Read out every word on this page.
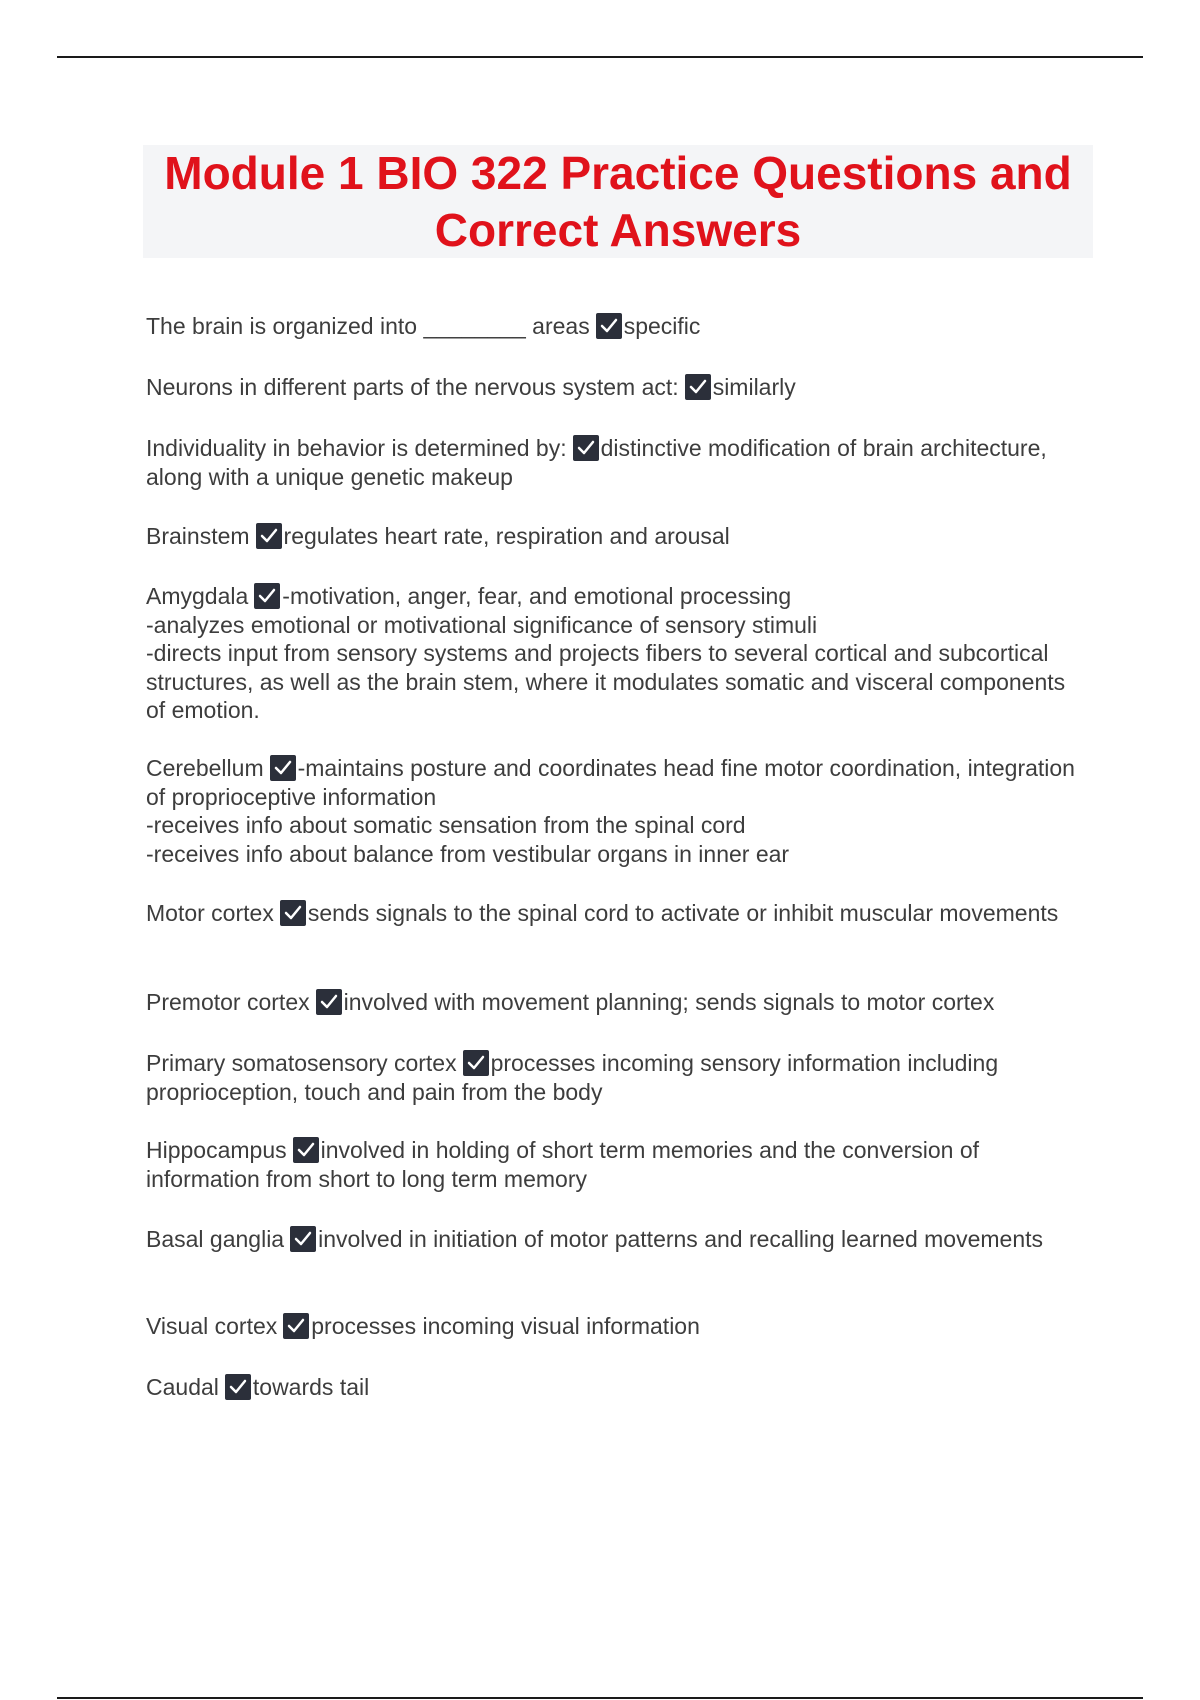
Module 1 BIO 322 Practice Questions and Correct Answers
The brain is organized into ________ areas specific
Neurons in different parts of the nervous system act: similarly
Individuality in behavior is determined by: distinctive modification of brain architecture, along with a unique genetic makeup
Brainstem regulates heart rate, respiration and arousal
Amygdala -motivation, anger, fear, and emotional processing
-analyzes emotional or motivational significance of sensory stimuli
-directs input from sensory systems and projects fibers to several cortical and subcortical structures, as well as the brain stem, where it modulates somatic and visceral components of emotion.
Cerebellum -maintains posture and coordinates head fine motor coordination, integration of proprioceptive information
-receives info about somatic sensation from the spinal cord
-receives info about balance from vestibular organs in inner ear
Motor cortex sends signals to the spinal cord to activate or inhibit muscular movements
Premotor cortex involved with movement planning; sends signals to motor cortex
Primary somatosensory cortex processes incoming sensory information including proprioception, touch and pain from the body
Hippocampus involved in holding of short term memories and the conversion of information from short to long term memory
Basal ganglia involved in initiation of motor patterns and recalling learned movements
Visual cortex processes incoming visual information
Caudal towards tail
